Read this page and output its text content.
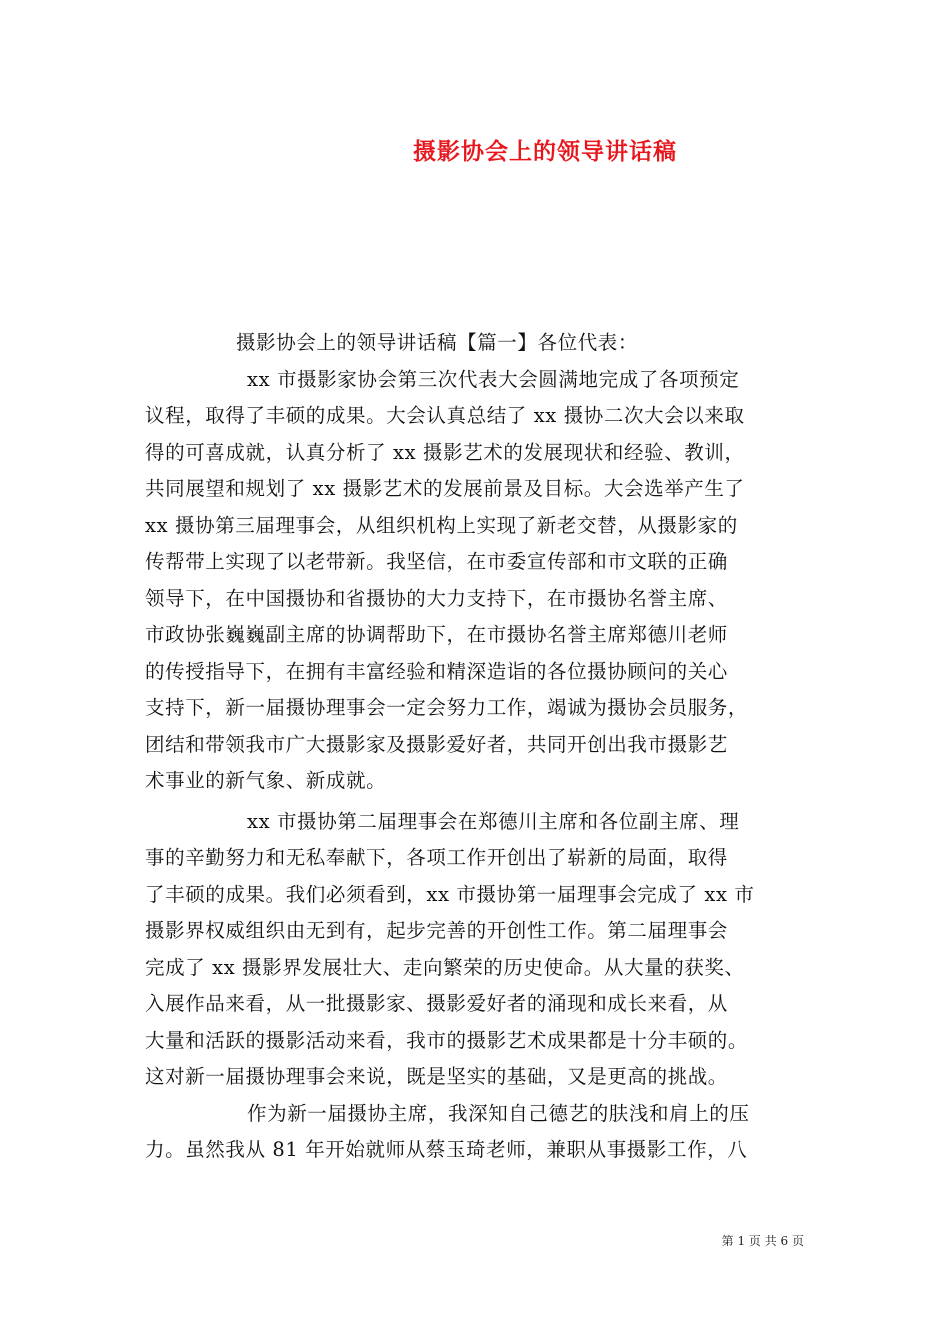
摄影协会上的领导讲话稿
摄影协会上的领导讲话稿【篇一】各位代表：
xx 市摄影家协会第三次代表大会圆满地完成了各项预定
议程，取得了丰硕的成果。大会认真总结了 xx 摄协二次大会以来取
得的可喜成就，认真分析了 xx 摄影艺术的发展现状和经验、教训，
共同展望和规划了 xx 摄影艺术的发展前景及目标。大会选举产生了
xx 摄协第三届理事会，从组织机构上实现了新老交替，从摄影家的
传帮带上实现了以老带新。我坚信，在市委宣传部和市文联的正确
领导下，在中国摄协和省摄协的大力支持下，在市摄协名誉主席、
市政协张巍巍副主席的协调帮助下，在市摄协名誉主席郑德川老师
的传授指导下，在拥有丰富经验和精深造诣的各位摄协顾问的关心
支持下，新一届摄协理事会一定会努力工作，竭诚为摄协会员服务，
团结和带领我市广大摄影家及摄影爱好者，共同开创出我市摄影艺
术事业的新气象、新成就。
xx 市摄协第二届理事会在郑德川主席和各位副主席、理
事的辛勤努力和无私奉献下，各项工作开创出了崭新的局面，取得
了丰硕的成果。我们必须看到，xx 市摄协第一届理事会完成了 xx 市
摄影界权威组织由无到有，起步完善的开创性工作。第二届理事会
完成了 xx 摄影界发展壮大、走向繁荣的历史使命。从大量的获奖、
入展作品来看，从一批摄影家、摄影爱好者的涌现和成长来看，从
大量和活跃的摄影活动来看，我市的摄影艺术成果都是十分丰硕的。
这对新一届摄协理事会来说，既是坚实的基础，又是更高的挑战。
作为新一届摄协主席，我深知自己德艺的肤浅和肩上的压
力。虽然我从 81 年开始就师从蔡玉琦老师，兼职从事摄影工作，八
第 1 页 共 6 页
